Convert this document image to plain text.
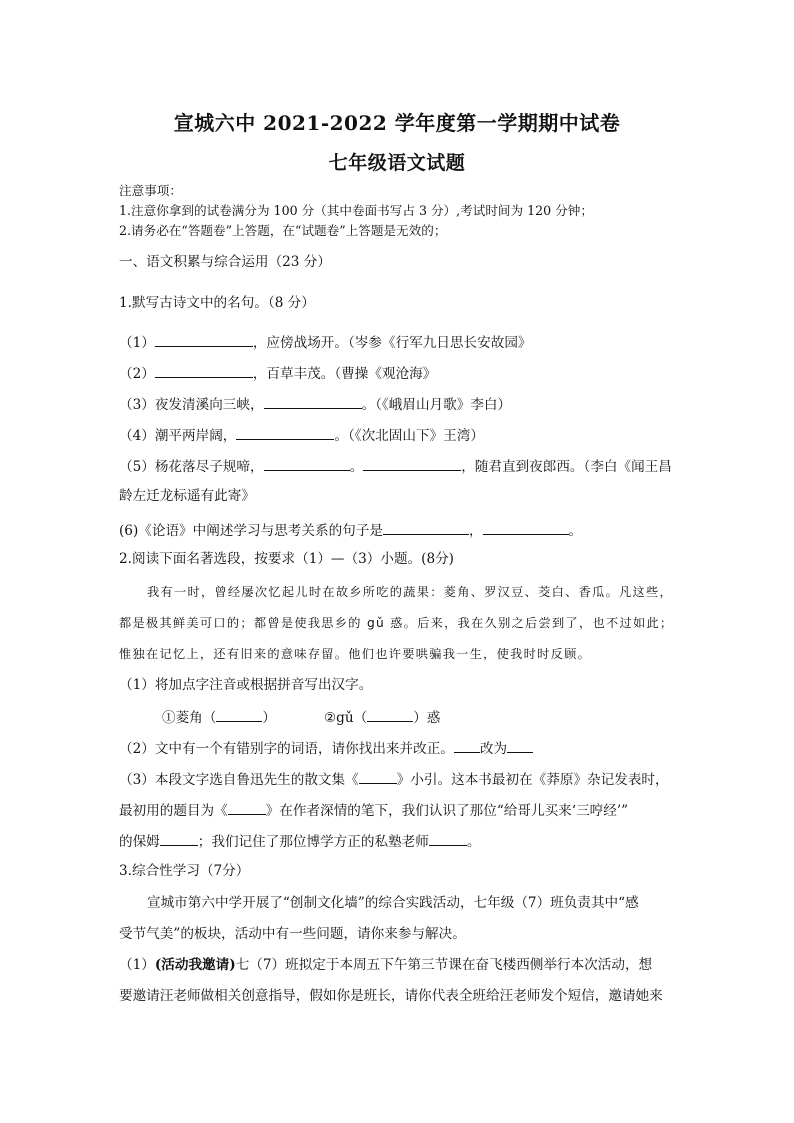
宣城六中 2021-2022 学年度第一学期期中试卷
七年级语文试题
注意事项：
1.注意你拿到的试卷满分为 100 分（其中卷面书写占 3 分）,考试时间为 120 分钟；
2.请务必在“答题卷”上答题，在“试题卷”上答题是无效的；
一、语文积累与综合运用（23 分）
1.默写古诗文中的名句。（8 分）
（1）	，应傍战场开。（岑参《行军九日思长安故园》
（2）	，百草丰茂。（曹操《观沧海》
（3）夜发清溪向三峡，	。（《峨眉山月歌》李白）
（4）潮平两岸阔，	。（《次北固山下》王湾）
（5）杨花落尽子规啼，	。	，随君直到夜郎西。（李白《闻王昌
龄左迁龙标遥有此寄》
(6)《论语》中阐述学习与思考关系的句子是	，	。
2.阅读下面名著选段，按要求（1）—（3）小题。(8分)
我有一时，曾经屡次忆起儿时在故乡所吃的蔬果：菱角、罗汉豆、茭白、香瓜。凡这些，
都是极其鲜美可口的；都曾是使我思乡的 gǔ 惑。后来，我在久别之后尝到了，也不过如此；
惟独在记忆上，还有旧来的意味存留。他们也许要哄骗我一生，使我时时反顾。
（1）将加点字注音或根据拼音写出汉字。
①菱角（	）	②gǔ（	）惑
（2）文中有一个有错别字的词语，请你找出来并改正。 改为
（3）本段文字选自鲁迅先生的散文集《	》小引。这本书最初在《莽原》杂记发表时，
最初用的题目为《	》在作者深情的笔下，我们认识了那位“给哥儿买来‘三哼经’”
的保姆	；我们记住了那位博学方正的私塾老师	。
3.综合性学习（7分）
宣城市第六中学开展了“创制文化墙”的综合实践活动，七年级（7）班负责其中“感
受节气美”的板块，活动中有一些问题，请你来参与解决。
（1）(活动我邀请)七（7）班拟定于本周五下午第三节课在奋飞楼西侧举行本次活动，想
要邀请汪老师做相关创意指导，假如你是班长，请你代表全班给汪老师发个短信，邀请她来
